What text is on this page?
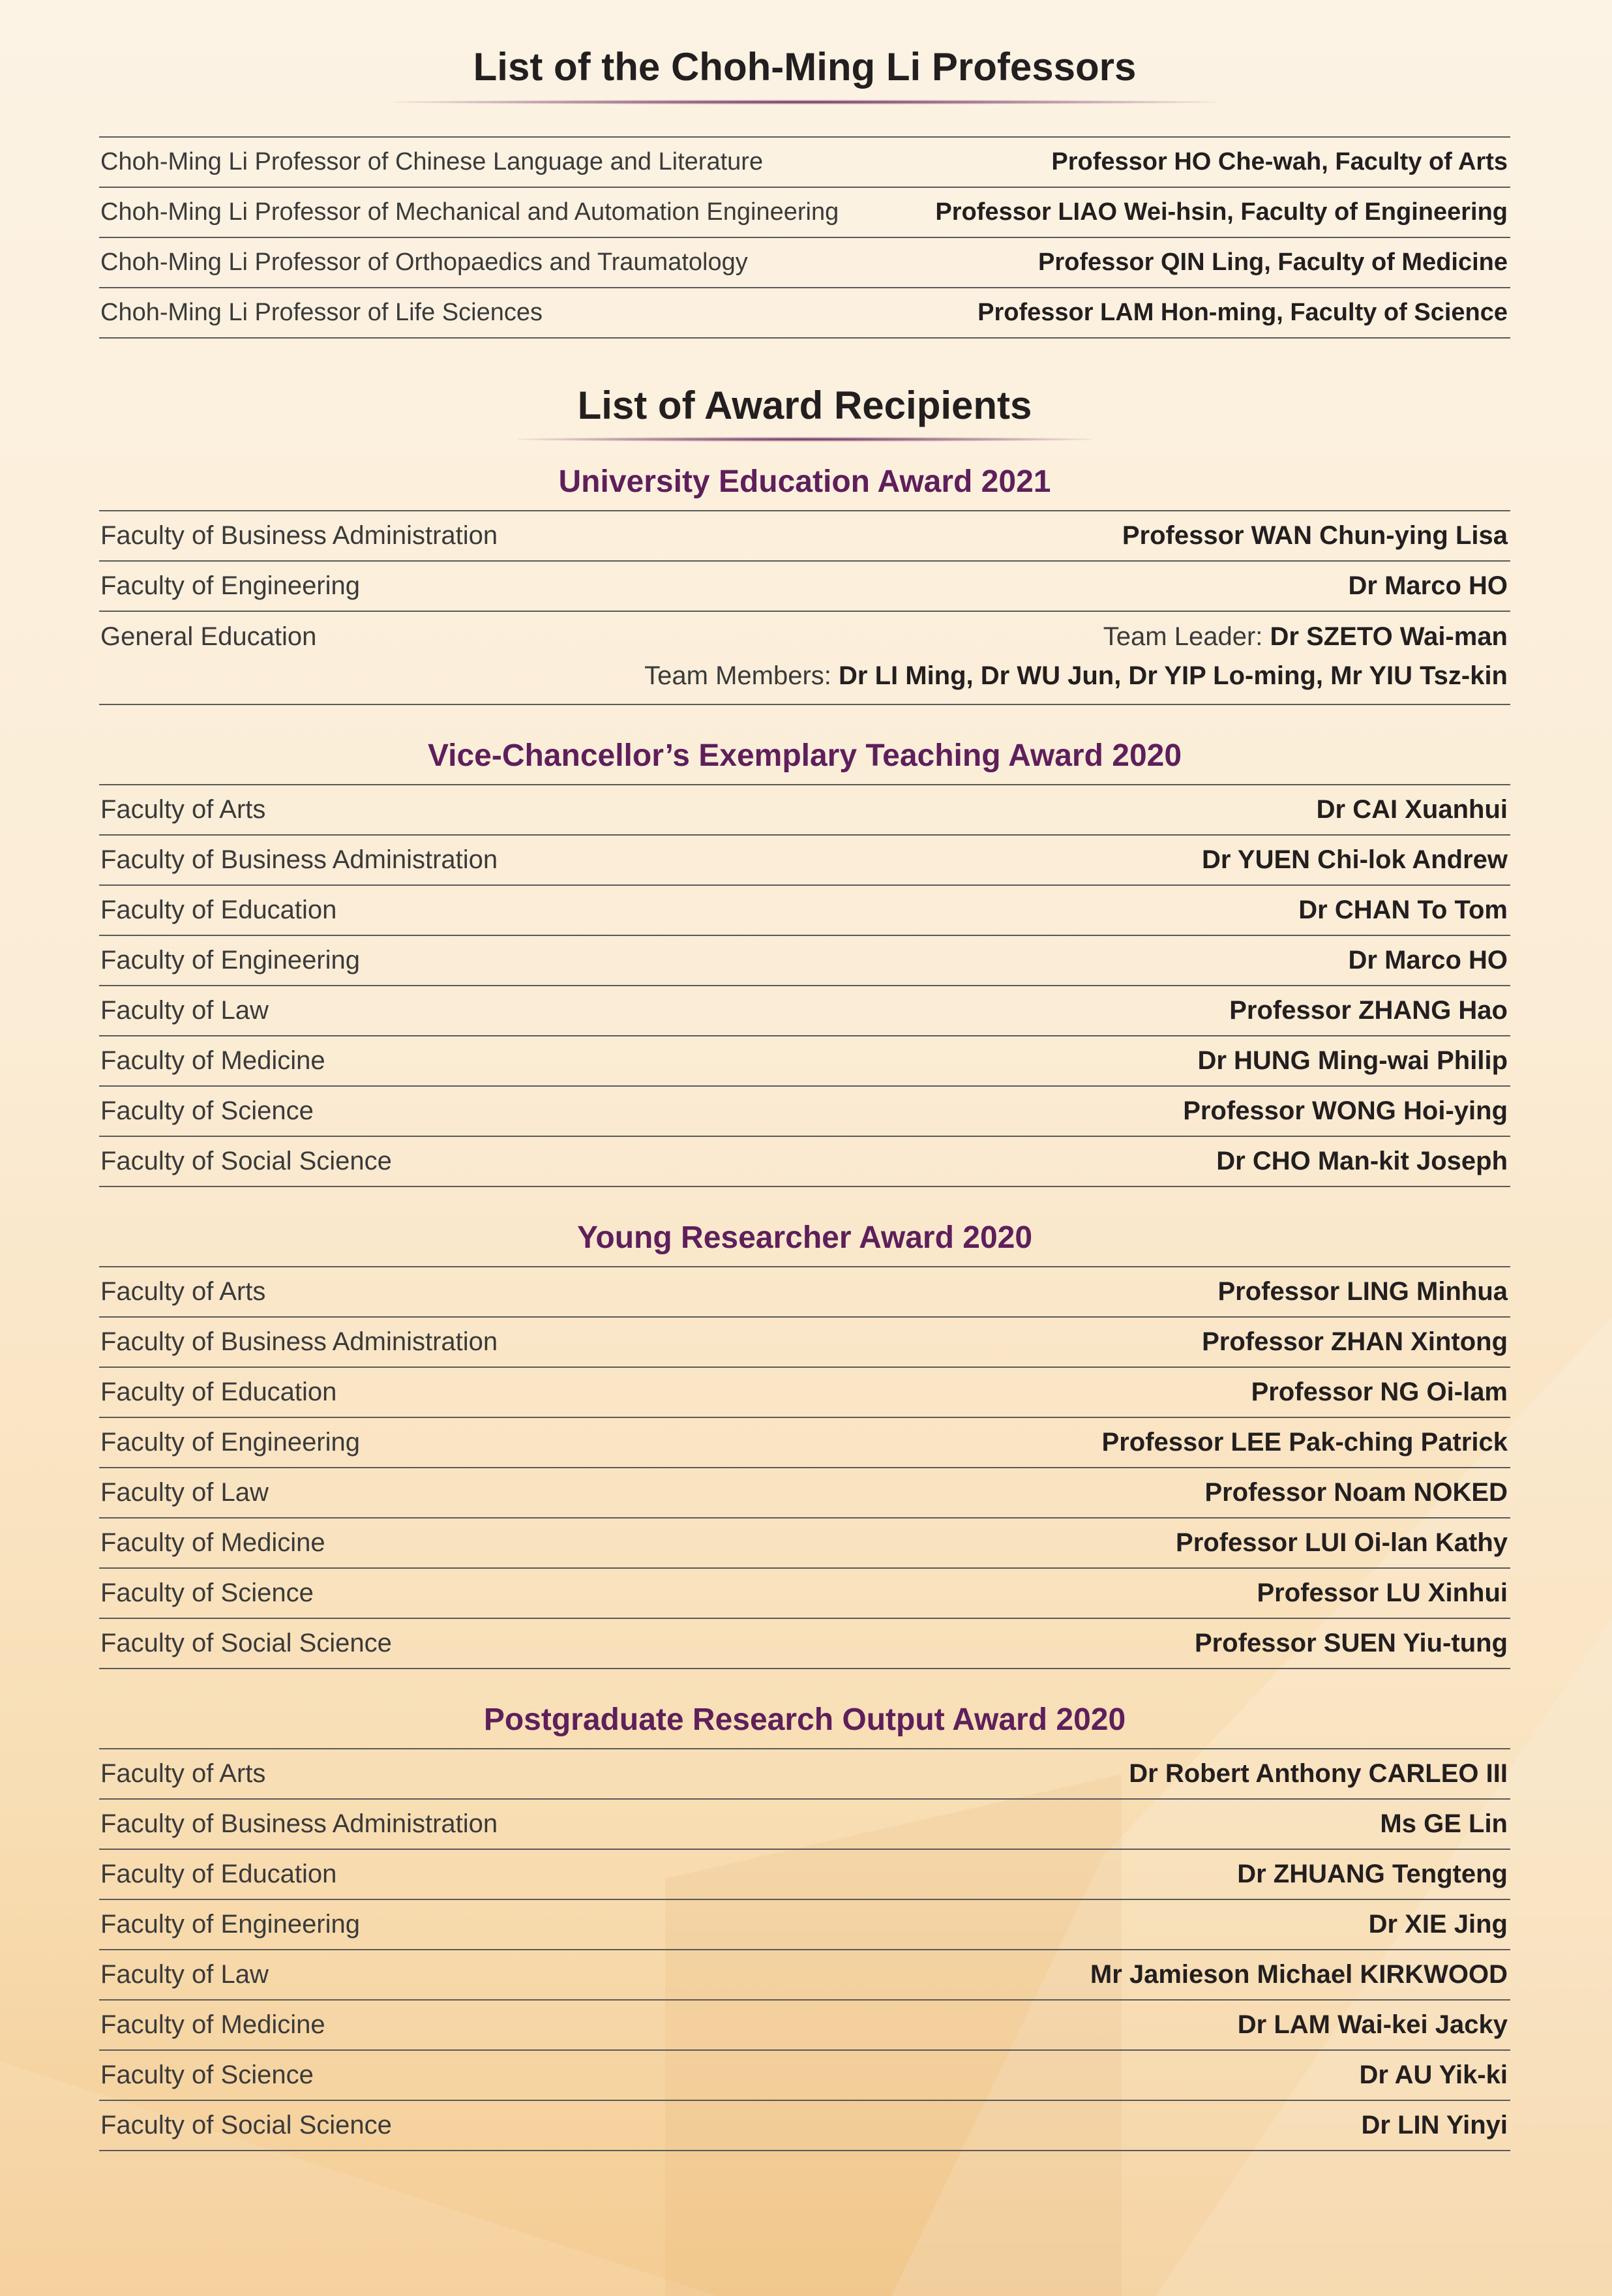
List of the Choh-Ming Li Professors
Choh-Ming Li Professor of Chinese Language and Literature	Professor HO Che-wah, Faculty of Arts
Choh-Ming Li Professor of Mechanical and Automation Engineering	Professor LIAO Wei-hsin, Faculty of Engineering
Choh-Ming Li Professor of Orthopaedics and Traumatology	Professor QIN Ling, Faculty of Medicine
Choh-Ming Li Professor of Life Sciences	Professor LAM Hon-ming, Faculty of Science
List of Award Recipients
University Education Award 2021
Faculty of Business Administration	Professor WAN Chun-ying Lisa
Faculty of Engineering	Dr Marco HO
General Education	Team Leader: Dr SZETO Wai-man
Team Members: Dr LI Ming, Dr WU Jun, Dr YIP Lo-ming, Mr YIU Tsz-kin
Vice-Chancellor’s Exemplary Teaching Award 2020
Faculty of Arts	Dr CAI Xuanhui
Faculty of Business Administration	Dr YUEN Chi-lok Andrew
Faculty of Education	Dr CHAN To Tom
Faculty of Engineering	Dr Marco HO
Faculty of Law	Professor ZHANG Hao
Faculty of Medicine	Dr HUNG Ming-wai Philip
Faculty of Science	Professor WONG Hoi-ying
Faculty of Social Science	Dr CHO Man-kit Joseph
Young Researcher Award 2020
Faculty of Arts	Professor LING Minhua
Faculty of Business Administration	Professor ZHAN Xintong
Faculty of Education	Professor NG Oi-lam
Faculty of Engineering	Professor LEE Pak-ching Patrick
Faculty of Law	Professor Noam NOKED
Faculty of Medicine	Professor LUI Oi-lan Kathy
Faculty of Science	Professor LU Xinhui
Faculty of Social Science	Professor SUEN Yiu-tung
Postgraduate Research Output Award 2020
Faculty of Arts	Dr Robert Anthony CARLEO III
Faculty of Business Administration	Ms GE Lin
Faculty of Education	Dr ZHUANG Tengteng
Faculty of Engineering	Dr XIE Jing
Faculty of Law	Mr Jamieson Michael KIRKWOOD
Faculty of Medicine	Dr LAM Wai-kei Jacky
Faculty of Science	Dr AU Yik-ki
Faculty of Social Science	Dr LIN Yinyi
